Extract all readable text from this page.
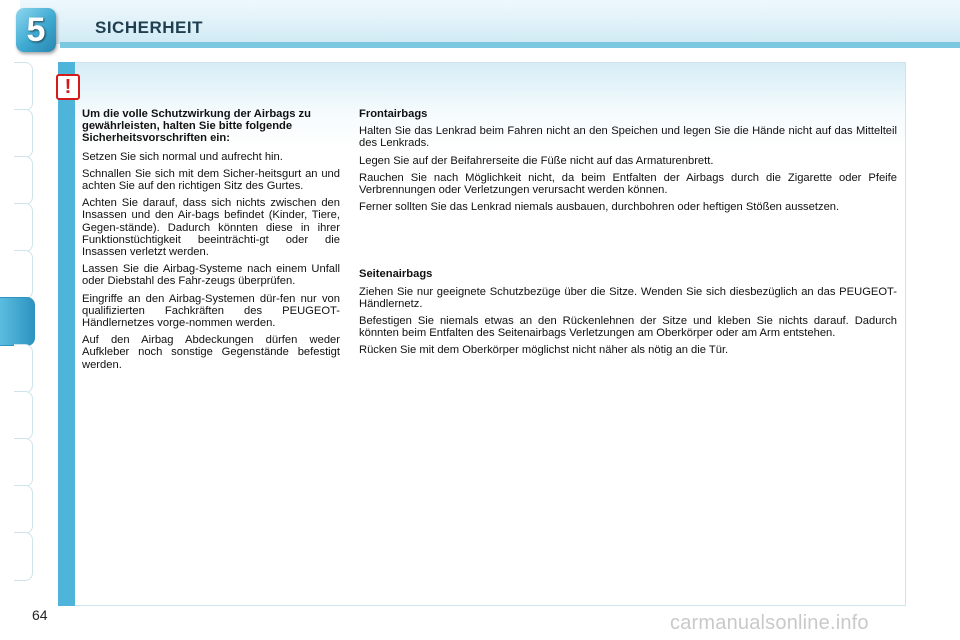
5	SICHERHEIT
!

Um die volle Schutzwirkung der Airbags zu gewährleisten, halten Sie bitte folgende Sicherheitsvorschriften ein:

Setzen Sie sich normal und aufrecht hin.

Schnallen Sie sich mit dem Sicher-heitsgurt an und achten Sie auf den richtigen Sitz des Gurtes.

Achten Sie darauf, dass sich nichts zwischen den Insassen und den Air-bags befindet (Kinder, Tiere, Gegen-stände). Dadurch könnten diese in ihrer Funktionstüchtigkeit beeinträchti-gt oder die Insassen verletzt werden.

Lassen Sie die Airbag-Systeme nach einem Unfall oder Diebstahl des Fahr-zeugs überprüfen.

Eingriffe an den Airbag-Systemen dür-fen nur von qualifizierten Fachkräften des PEUGEOT-Händlernetzes vorge-nommen werden.

Auf den Airbag Abdeckungen dürfen weder Aufkleber noch sonstige Gegenstände befestigt werden.

Frontairbags

Halten Sie das Lenkrad beim Fahren nicht an den Speichen und legen Sie die Hände nicht auf das Mittelteil des Lenkrads.

Legen Sie auf der Beifahrerseite die Füße nicht auf das Armaturenbrett.

Rauchen Sie nach Möglichkeit nicht, da beim Entfalten der Airbags durch die Zigarette oder Pfeife Verbrennungen oder Verletzungen verursacht werden können.

Ferner sollten Sie das Lenkrad niemals ausbauen, durchbohren oder heftigen Stößen aussetzen.

Seitenairbags

Ziehen Sie nur geeignete Schutzbezüge über die Sitze. Wenden Sie sich diesbezüglich an das PEUGEOT-Händlernetz.

Befestigen Sie niemals etwas an den Rückenlehnen der Sitze und kleben Sie nichts darauf. Dadurch könnten beim Entfalten des Seitenairbags Verletzungen am Oberkörper oder am Arm entstehen.

Rücken Sie mit dem Oberkörper möglichst nicht näher als nötig an die Tür.

64	carmanualsonline.info
